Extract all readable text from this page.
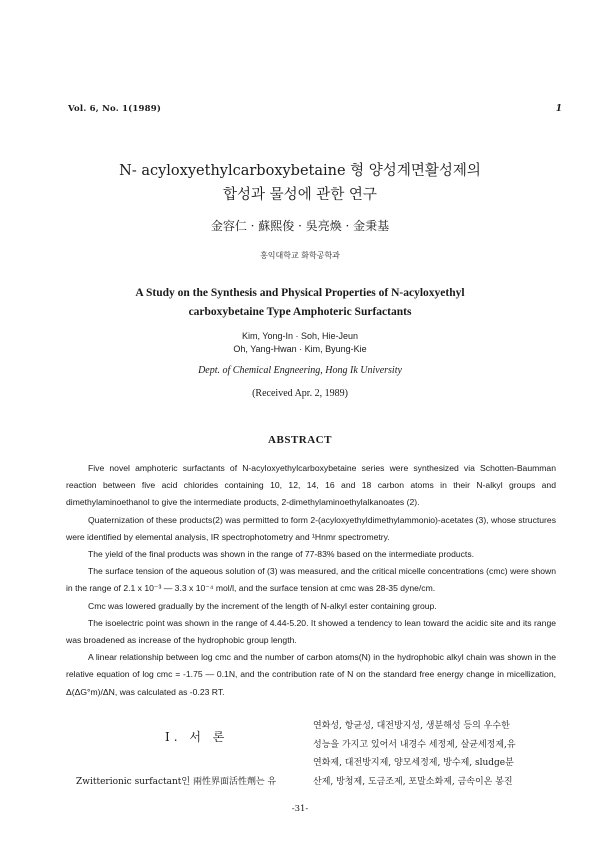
Vol. 6, No. 1(1989)	1
N- acyloxyethylcarboxybetaine 형 양성계면활성제의
합성과 물성에 관한 연구
金容仁 · 蘇熙俊 · 吳亮煥 · 金秉基
홍익대학교 화학공학과
A Study on the Synthesis and Physical Properties of N-acyloxyethyl
carboxybetaine Type Amphoteric Surfactants
Kim, Yong-In · Soh, Hie-Jeun
Oh, Yang-Hwan · Kim, Byung-Kie
Dept. of Chemical Engneering, Hong Ik University
(Received Apr. 2, 1989)
ABSTRACT

Five novel amphoteric surfactants of N-acyloxyethylcarboxybetaine series were synthesized via Schotten-Baumman reaction between five acid chlorides containing 10, 12, 14, 16 and 18 carbon atoms in their N-alkyl groups and dimethylaminoethanol to give the intermediate products, 2-dimethylaminoethylalkanoates (2).

Quaternization of these products(2) was permitted to form 2-(acyloxyethyldimethylammonio)-acetates (3), whose structures were identified by elemental analysis, IR spectrophotometry and ¹Hnmr spectrometry.

The yield of the final products was shown in the range of 77-83% based on the intermediate products.

The surface tension of the aqueous solution of (3) was measured, and the critical micelle concentrations (cmc) were shown in the range of 2.1 x 10⁻³ — 3.3 x 10⁻⁴ mol/l, and the surface tension at cmc was 28-35 dyne/cm.

Cmc was lowered gradually by the increment of the length of N-alkyl ester containing group.

The isoelectric point was shown in the range of 4.44-5.20. It showed a tendency to lean toward the acidic site and its range was broadened as increase of the hydrophobic group length.

A linear relationship between log cmc and the number of carbon atoms(N) in the hydrophobic alkyl chain was shown in the relative equation of log cmc = -1.75 — 0.1N, and the contribution rate of N on the standard free energy change in micellization, Δ(ΔG°m)/ΔN, was calculated as -0.23 RT.

I. 서 론
Zwitterionic surfactant인 兩性界面活性劑는 유
연화성, 항균성, 대전방지성, 생분해성 등의 우수한
성능을 가지고 있어서 내경수 세정제, 살균세정제,유
연화제, 대전방지제, 양모세정제, 방수제, sludge분
산제, 방청제, 도금조제, 포말소화제, 금속이온 봉진
-31-
